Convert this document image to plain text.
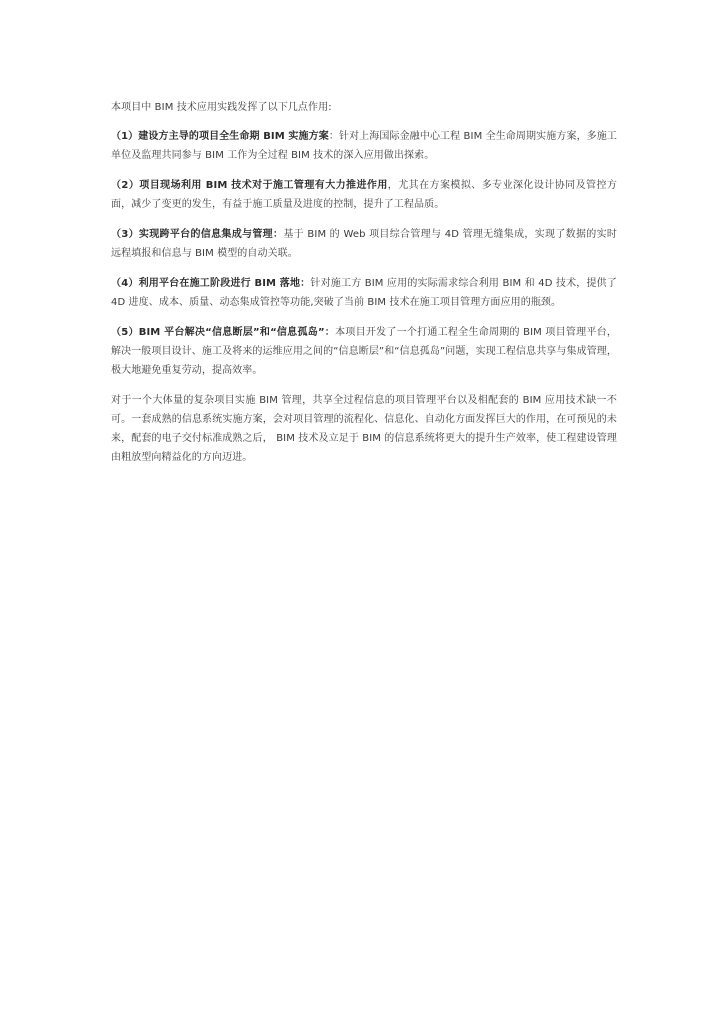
本项目中 BIM 技术应用实践发挥了以下几点作用:

（1）建设方主导的项目全生命期 BIM 实施方案：针对上海国际金融中心工程 BIM 全生命周期实施方案，多施工单位及监理共同参与 BIM 工作为全过程 BIM 技术的深入应用做出探索。

（2）项目现场利用 BIM 技术对于施工管理有大力推进作用，尤其在方案模拟、多专业深化设计协同及管控方面，减少了变更的发生，有益于施工质量及进度的控制，提升了工程品质。

（3）实现跨平台的信息集成与管理：基于 BIM 的 Web 项目综合管理与 4D 管理无缝集成，实现了数据的实时远程填报和信息与 BIM 模型的自动关联。

（4）利用平台在施工阶段进行 BIM 落地：针对施工方 BIM 应用的实际需求综合利用 BIM 和 4D 技术，提供了 4D 进度、成本、质量、动态集成管控等功能,突破了当前 BIM 技术在施工项目管理方面应用的瓶颈。

（5）BIM 平台解决“信息断层”和“信息孤岛”：本项目开发了一个打通工程全生命周期的 BIM 项目管理平台，解决一般项目设计、施工及将来的运维应用之间的“信息断层”和“信息孤岛”问题，实现工程信息共享与集成管理，极大地避免重复劳动，提高效率。

对于一个大体量的复杂项目实施 BIM 管理，共享全过程信息的项目管理平台以及相配套的 BIM 应用技术缺一不可。一套成熟的信息系统实施方案，会对项目管理的流程化、信息化、自动化方面发挥巨大的作用，在可预见的未来，配套的电子交付标准成熟之后， BIM 技术及立足于 BIM 的信息系统将更大的提升生产效率，使工程建设管理由粗放型向精益化的方向迈进。
